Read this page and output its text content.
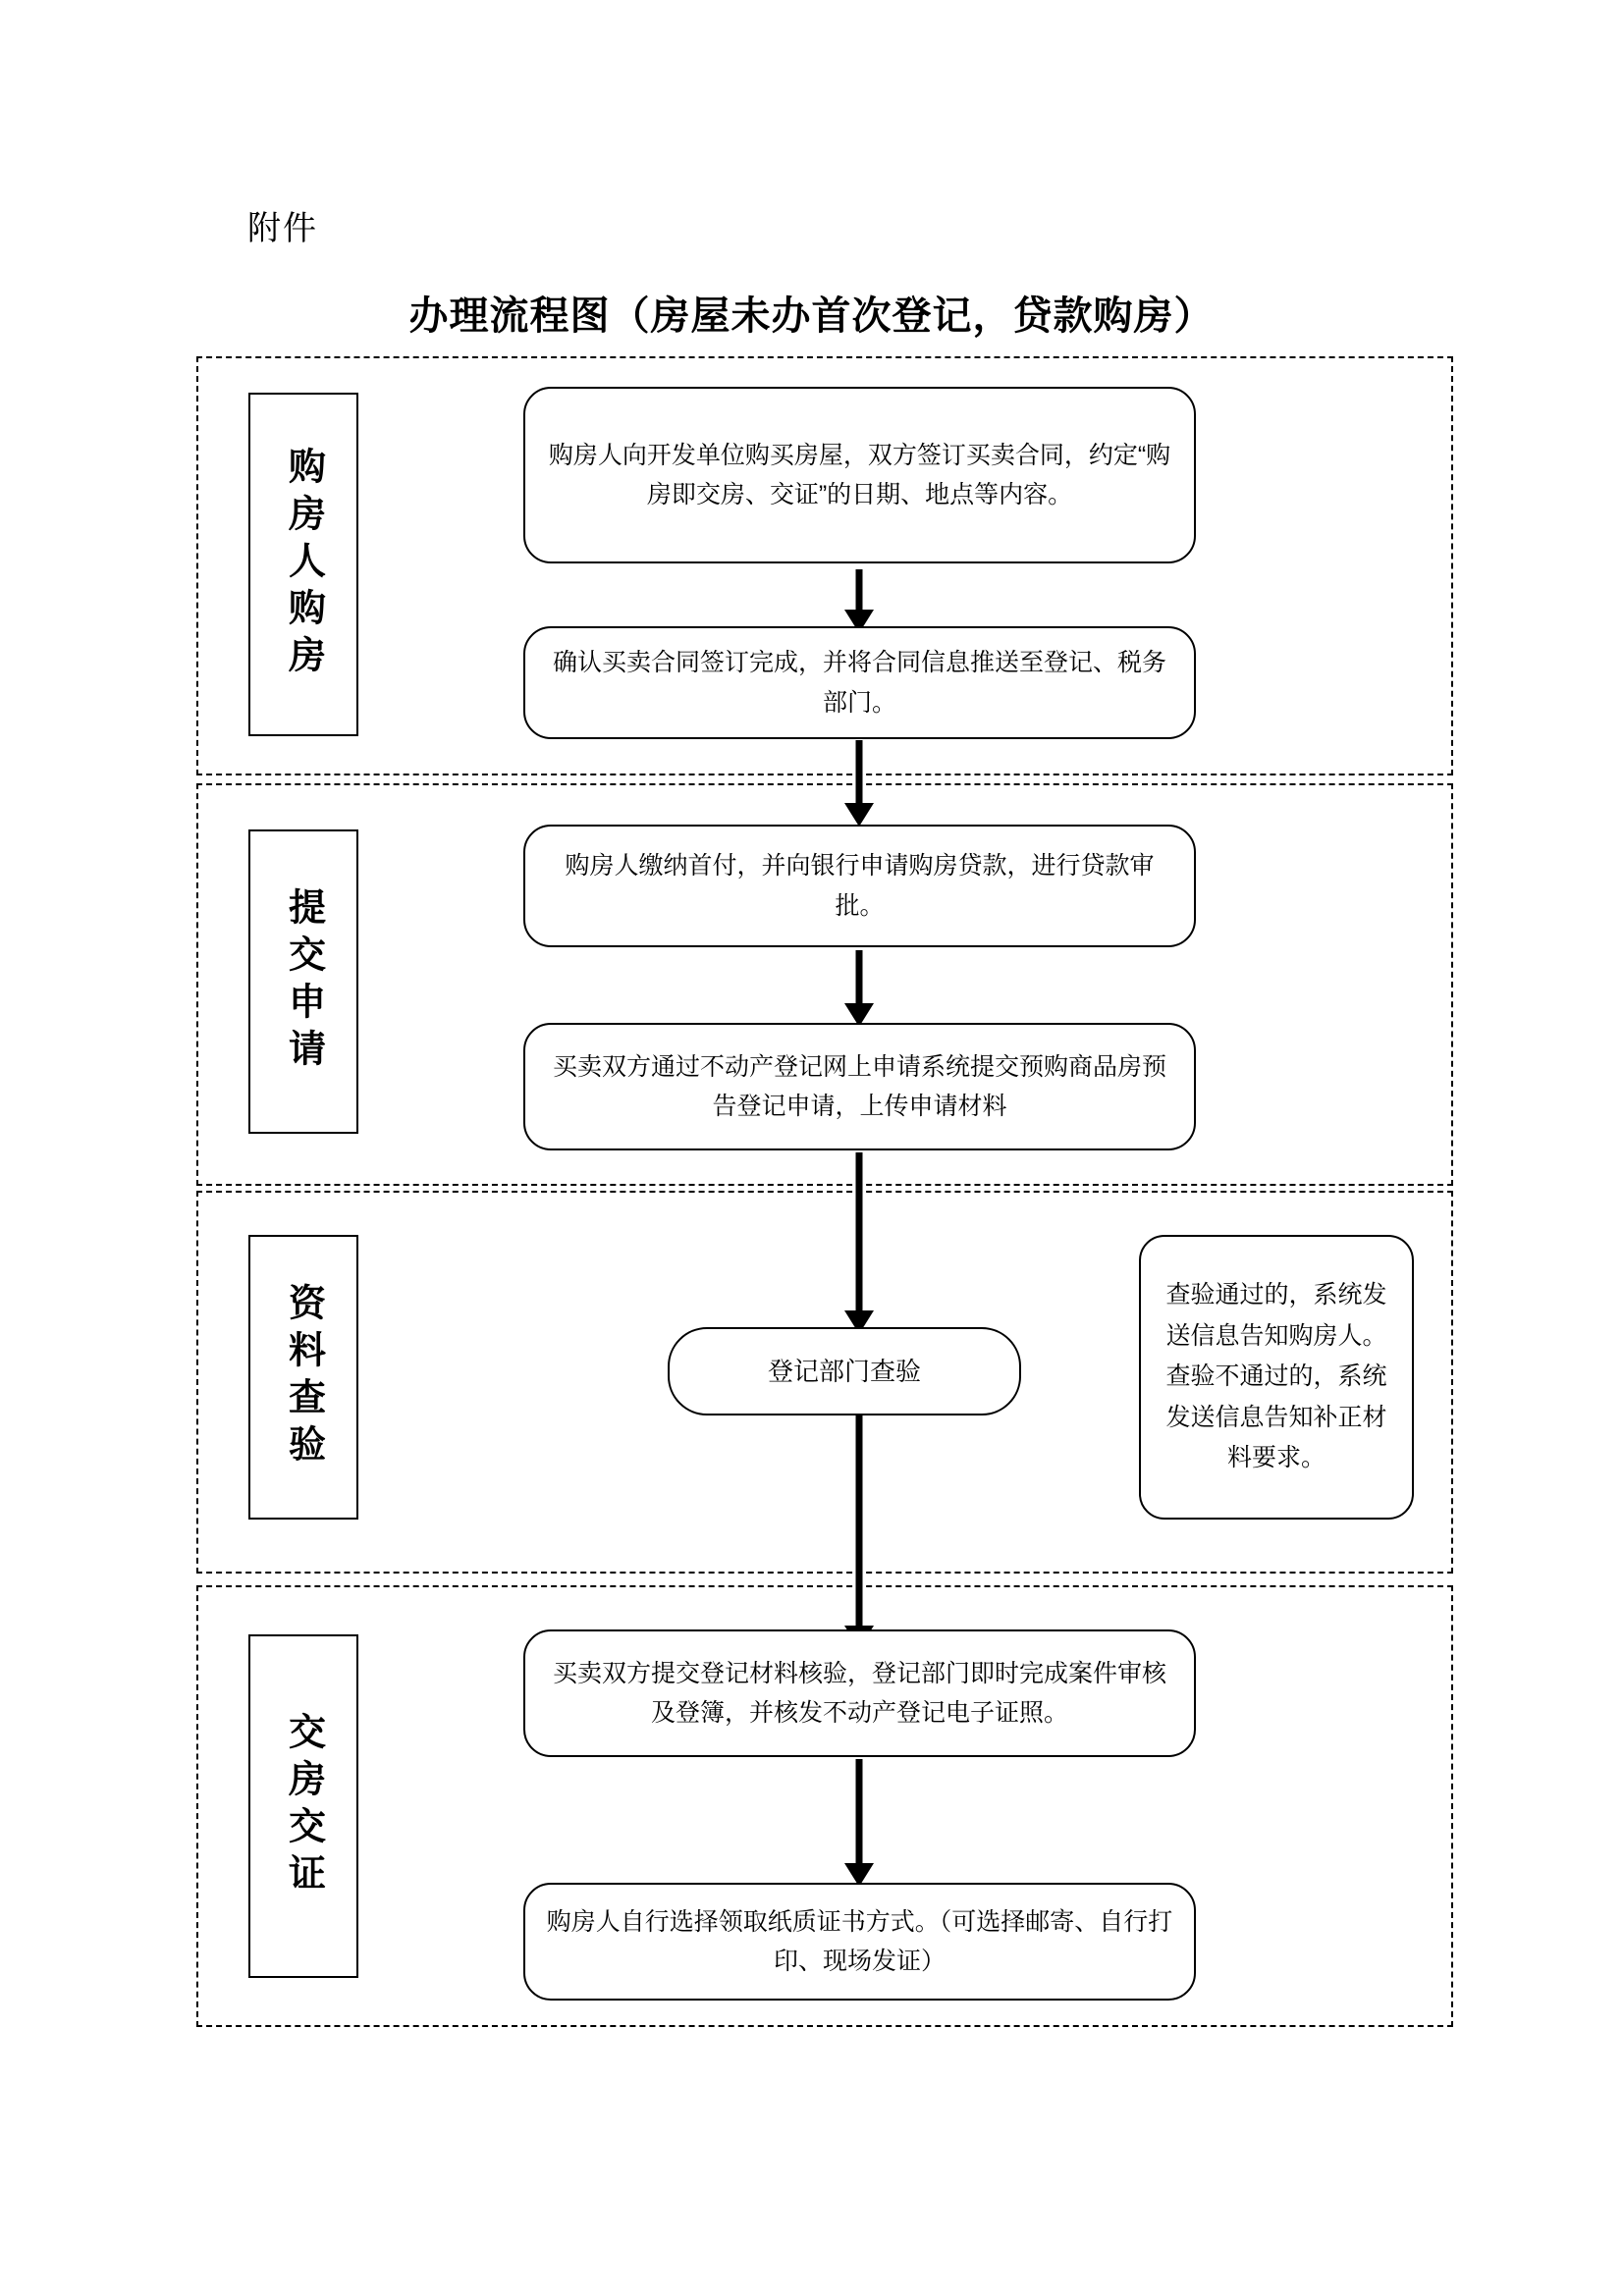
附件
办理流程图（房屋未办首次登记，贷款购房）
购房人购房	购房人向开发单位购买房屋，双方签订买卖合同，约定“购房即交房、交证”的日期、地点等内容。
确认买卖合同签订完成，并将合同信息推送至登记、税务部门。
提交申请
购房人缴纳首付，并向银行申请购房贷款，进行贷款审批。
买卖双方通过不动产登记网上申请系统提交预购商品房预告登记申请，上传申请材料
资料查验	登记部门查验
查验通过的，系统发送信息告知购房人。查验不通过的，系统发送信息告知补正材料要求。
交房交证
买卖双方提交登记材料核验，登记部门即时完成案件审核及登簿，并核发不动产登记电子证照。
购房人自行选择领取纸质证书方式。（可选择邮寄、自行打印、现场发证）
